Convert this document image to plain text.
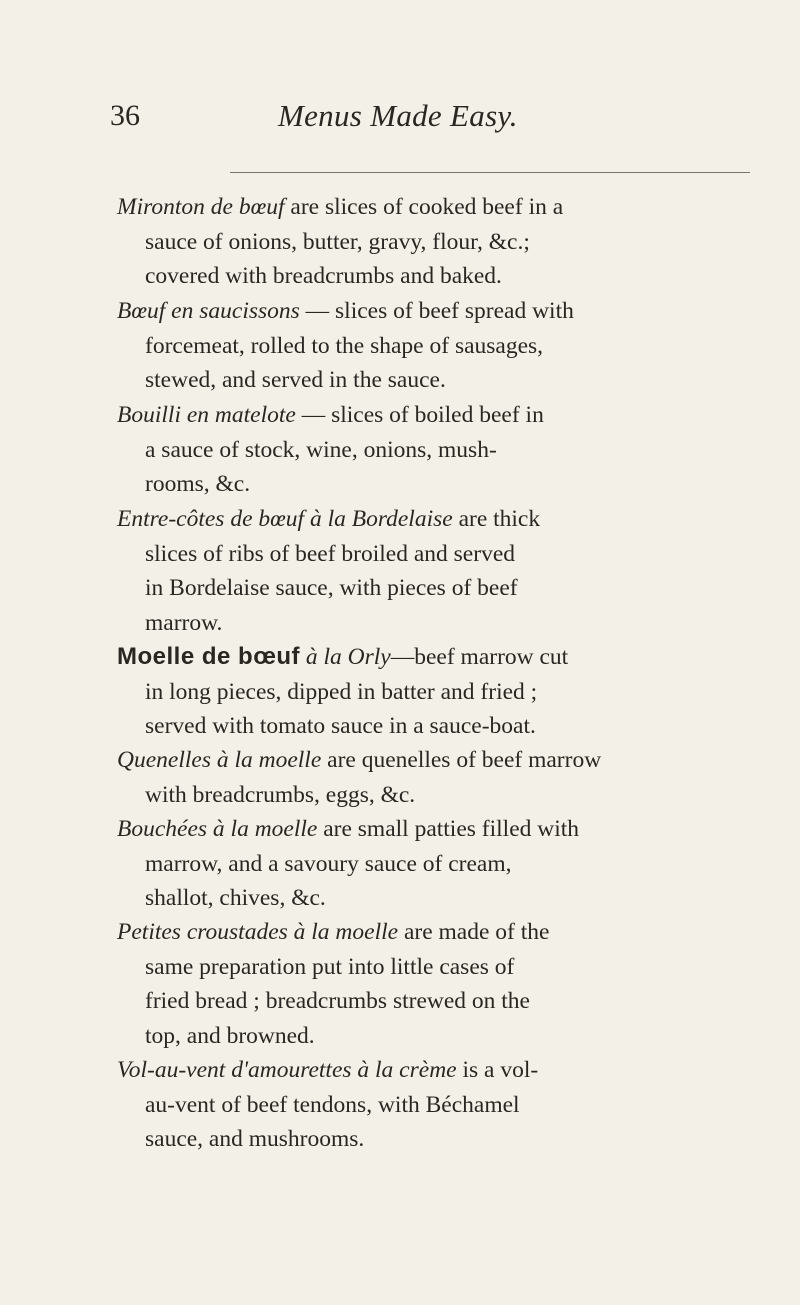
36	Menus Made Easy.
Mironton de bœuf are slices of cooked beef in a
sauce of onions, butter, gravy, flour, &c.;
covered with breadcrumbs and baked.
Bœuf en saucissons — slices of beef spread with
forcemeat, rolled to the shape of sausages,
stewed, and served in the sauce.
Bouilli en matelote — slices of boiled beef in
a sauce of stock, wine, onions, mush-
rooms, &c.
Entre-côtes de bœuf à la Bordelaise are thick
slices of ribs of beef broiled and served
in Bordelaise sauce, with pieces of beef
marrow.
Moelle de bœuf à la Orly—beef marrow cut
in long pieces, dipped in batter and fried ;
served with tomato sauce in a sauce-boat.
Quenelles à la moelle are quenelles of beef marrow
with breadcrumbs, eggs, &c.
Bouchées à la moelle are small patties filled with
marrow, and a savoury sauce of cream,
shallot, chives, &c.
Petites croustades à la moelle are made of the
same preparation put into little cases of
fried bread ; breadcrumbs strewed on the
top, and browned.
Vol-au-vent d'amourettes à la crème is a vol-
au-vent of beef tendons, with Béchamel
sauce, and mushrooms.
